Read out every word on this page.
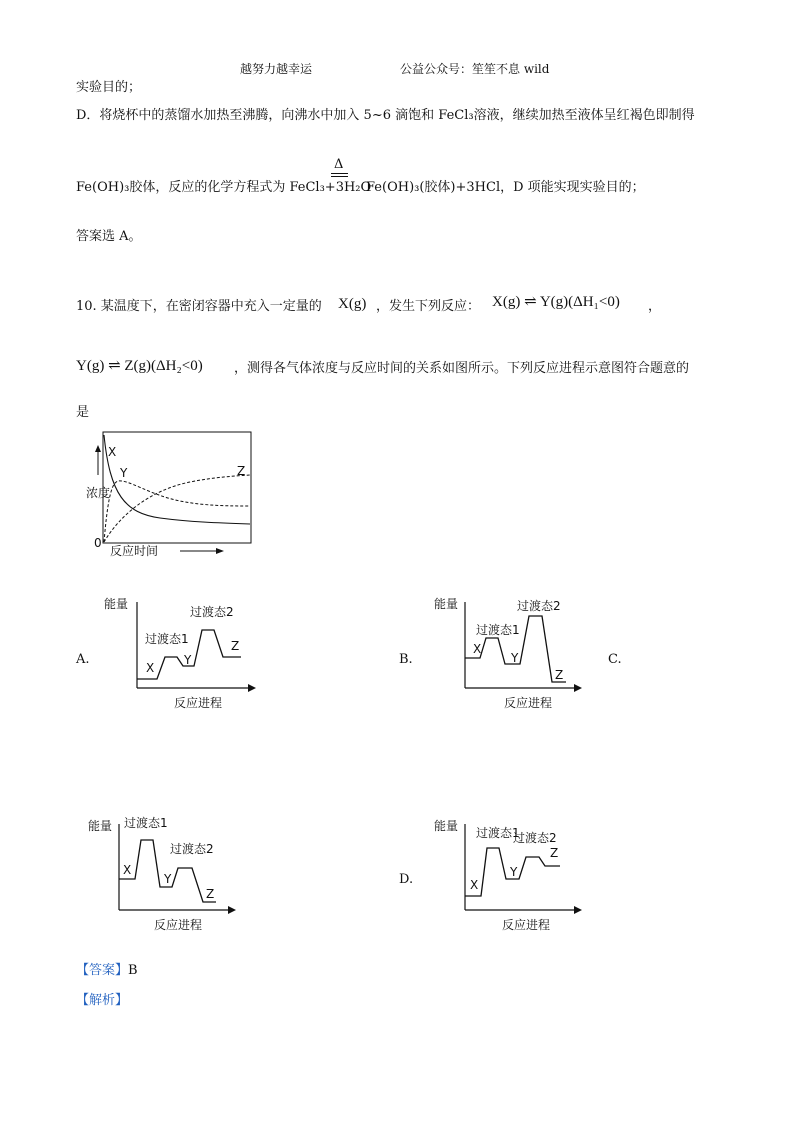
越努力越幸运	公益公众号：笙笙不息 wild
实验目的；
D．将烧杯中的蒸馏水加热至沸腾，向沸水中加入 5~6 滴饱和 FeCl₃溶液，继续加热至液体呈红褐色即制得
Δ
Fe(OH)₃胶体，反应的化学方程式为 FeCl₃+3H₂O
Fe(OH)₃(胶体)+3HCl，D 项能实现实验目的；
答案选 A。
10. 某温度下，在密闭容器中充入一定量的 X(g) ，发生下列反应： X(g) ⇌ Y(g)(ΔH₁<0) ，
Y(g) ⇌ Z(g)(ΔH₂<0) ，测得各气体浓度与反应时间的关系如图所示。下列反应进程示意图符合题意的
是
浓度
0
反应时间
X
Y	Z
A.
能量
反应进程
过渡态1
过渡态2
X
Y
Z
B.
能量
反应进程
过渡态1
过渡态2
X
Y
Z
C.
能量
反应进程
过渡态1
过渡态2
X
Y
Z
D.
能量
反应进程
过渡态1
过渡态2
X
Y
Z
【答案】B
【解析】
